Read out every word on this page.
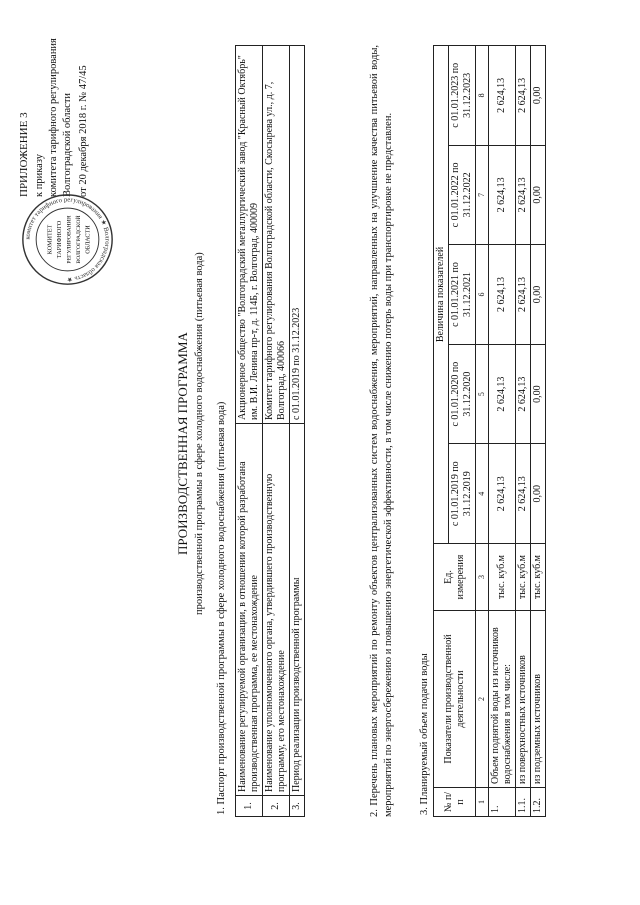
ПРИЛОЖЕНИЕ 3 к приказу комитета тарифного регулирования Волгоградской области от 20 декабря 2018 г. № 47/45
комитет тарифного регулирования ★ Волгоградская область ★
КОМИТЕТ ТАРИФНОГО РЕГУЛИРОВАНИЯ ВОЛГОГРАДСКОЙ ОБЛАСТИ
ПРОИЗВОДСТВЕННАЯ ПРОГРАММА производственной программы в сфере холодного водоснабжения (питьевая вода) 1. Паспорт производственной программы в сфере холодного водоснабжения (питьевая вода) 1.	Наименование регулируемой организации, в отношении которой разработана производственная программа, ее местонахождение	Акционерное общество "Волгоградский металлургический завод "Красный Октябрь" им. В.И. Ленина пр-т, д. 114Б, г. Волгоград, 400009
2.	Наименование уполномоченного органа, утвердившего производственную программу, его местонахождение	Комитет тарифного регулирования Волгоградской области, Скосырева ул., д. 7, Волгоград, 400066
3.	Период реализации производственной программы	с 01.01.2019 по 31.12.2023	2. Перечень плановых мероприятий по ремонту объектов централизованных систем водоснабжения, мероприятий, направленных на улучшение качества питьевой воды, мероприятий по энергосбережению и повышению энергетической эффективности, в том числе снижению потерь воды при транспортировке не представлен. 3. Планируемый объем подачи воды № п/п	Показатели производственной деятельности	Ед. измерения	Величина показателей				
			с 01.01.2019 по 31.12.2019	с 01.01.2020 по 31.12.2020	с 01.01.2021 по 31.12.2021	с 01.01.2022 по 31.12.2022	с 01.01.2023 по 31.12.2023
1	2	3	4	5	6	7	8
1.	Объем поднятой воды из источников водоснабжения в том числе:	тыс. куб.м	2 624,13	2 624,13	2 624,13	2 624,13	2 624,13
1.1.	из поверхностных источников	тыс. куб.м	2 624,13	2 624,13	2 624,13	2 624,13	2 624,13
1.2.	из подземных источников	тыс. куб.м	0,00	0,00	0,00	0,00	0,00
